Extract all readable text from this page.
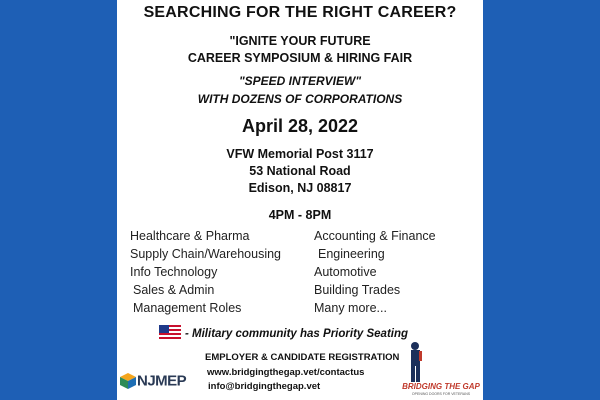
SEARCHING FOR THE RIGHT CAREER?
"IGNITE YOUR FUTURE
CAREER SYMPOSIUM & HIRING FAIR
"SPEED INTERVIEW"
WITH DOZENS OF CORPORATIONS
April 28, 2022
VFW Memorial Post 3117
53 National Road
Edison, NJ 08817
4PM - 8PM
Healthcare & Pharma
Supply Chain/Warehousing
Info Technology
Sales & Admin
Management Roles
Accounting & Finance
Engineering
Automotive
Building Trades
Many more...
- Military community has Priority Seating
EMPLOYER & CANDIDATE REGISTRATION
www.bridgingthegap.vet/contactus
info@bridgingthegap.vet
NJMEP	BRIDGING THE GAP
OPENING DOORS FOR VETERANS
